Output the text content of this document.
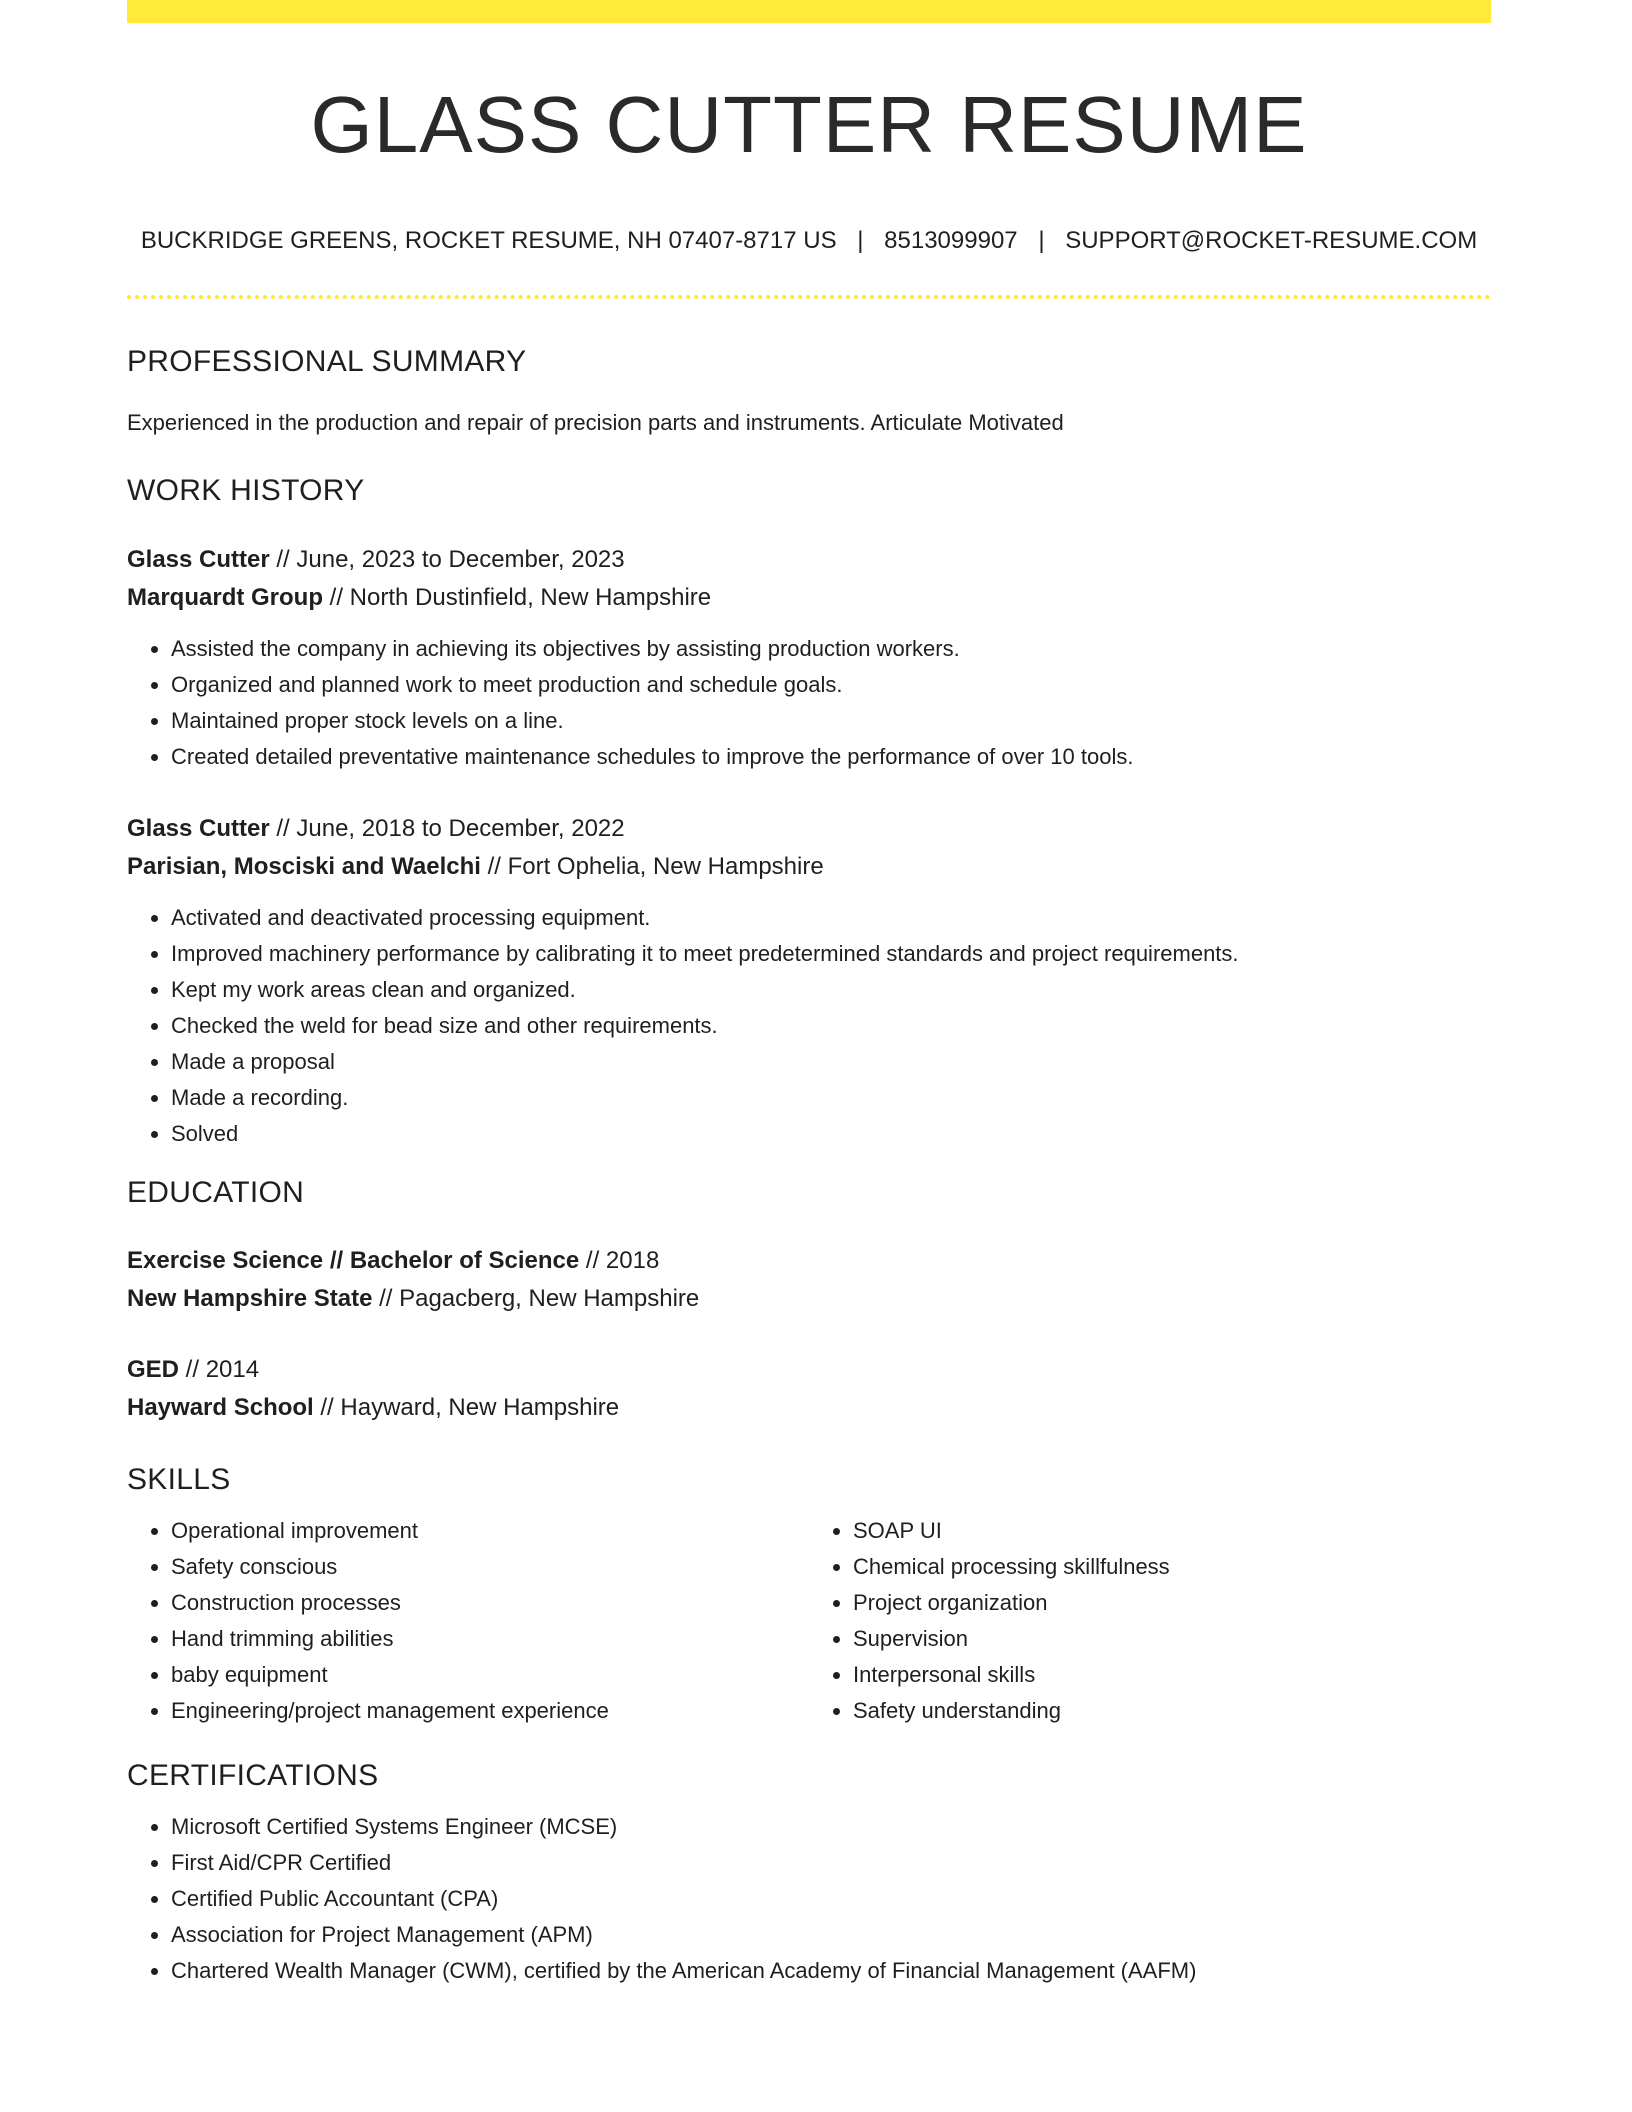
GLASS CUTTER RESUME
BUCKRIDGE GREENS, ROCKET RESUME, NH 07407-8717 US | 8513099907 | SUPPORT@ROCKET-RESUME.COM
PROFESSIONAL SUMMARY
Experienced in the production and repair of precision parts and instruments. Articulate Motivated
WORK HISTORY
Glass Cutter // June, 2023 to December, 2023
Marquardt Group // North Dustinfield, New Hampshire
• Assisted the company in achieving its objectives by assisting production workers.
• Organized and planned work to meet production and schedule goals.
• Maintained proper stock levels on a line.
• Created detailed preventative maintenance schedules to improve the performance of over 10 tools.
Glass Cutter // June, 2018 to December, 2022
Parisian, Mosciski and Waelchi // Fort Ophelia, New Hampshire
• Activated and deactivated processing equipment.
• Improved machinery performance by calibrating it to meet predetermined standards and project requirements.
• Kept my work areas clean and organized.
• Checked the weld for bead size and other requirements.
• Made a proposal
• Made a recording.
• Solved
EDUCATION
Exercise Science // Bachelor of Science // 2018
New Hampshire State // Pagacberg, New Hampshire
GED // 2014
Hayward School // Hayward, New Hampshire
SKILLS
• Operational improvement
• Safety conscious
• Construction processes
• Hand trimming abilities
• baby equipment
• Engineering/project management experience
• SOAP UI
• Chemical processing skillfulness
• Project organization
• Supervision
• Interpersonal skills
• Safety understanding
CERTIFICATIONS
• Microsoft Certified Systems Engineer (MCSE)
• First Aid/CPR Certified
• Certified Public Accountant (CPA)
• Association for Project Management (APM)
• Chartered Wealth Manager (CWM), certified by the American Academy of Financial Management (AAFM)
